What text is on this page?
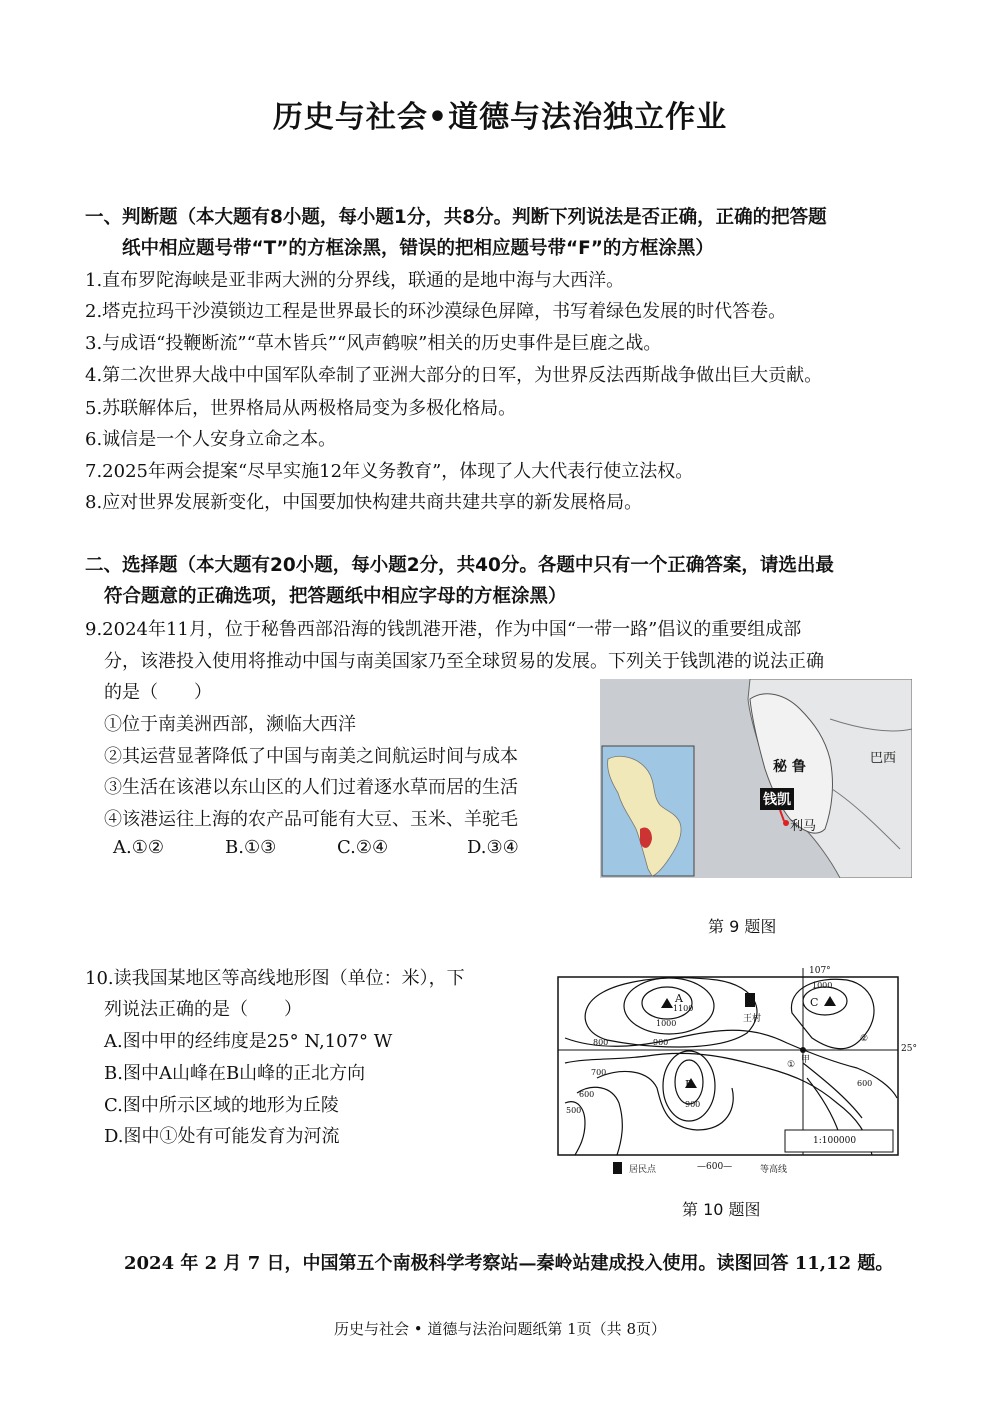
历史与社会•道德与法治独立作业
一、判断题（本大题有8小题，每小题1分，共8分。判断下列说法是否正确，正确的把答题
纸中相应题号带“T”的方框涂黑，错误的把相应题号带“F”的方框涂黑）
1.直布罗陀海峡是亚非两大洲的分界线，联通的是地中海与大西洋。
2.塔克拉玛干沙漠锁边工程是世界最长的环沙漠绿色屏障，书写着绿色发展的时代答卷。
3.与成语“投鞭断流”“草木皆兵”“风声鹤唳”相关的历史事件是巨鹿之战。
4.第二次世界大战中中国军队牵制了亚洲大部分的日军，为世界反法西斯战争做出巨大贡献。
5.苏联解体后，世界格局从两极格局变为多极化格局。
6.诚信是一个人安身立命之本。
7.2025年两会提案“尽早实施12年义务教育”，体现了人大代表行使立法权。
8.应对世界发展新变化，中国要加快构建共商共建共享的新发展格局。
二、选择题（本大题有20小题，每小题2分，共40分。各题中只有一个正确答案，请选出最
符合题意的正确选项，把答题纸中相应字母的方框涂黑）
9.2024年11月，位于秘鲁西部沿海的钱凯港开港，作为中国“一带一路”倡议的重要组成部
分，该港投入使用将推动中国与南美国家乃至全球贸易的发展。下列关于钱凯港的说法正确
的是（　　）
①位于南美洲西部，濒临大西洋
②其运营显著降低了中国与南美之间航运时间与成本
③生活在该港以东山区的人们过着逐水草而居的生活
④该港运往上海的农产品可能有大豆、玉米、羊驼毛
A.①②	B.①③	C.②④	D.③④
秘 鲁
巴西
钱凯
利马
第 9 题图
10.读我国某地区等高线地形图（单位：米），下
列说法正确的是（　　）
A.图中甲的经纬度是25° N,107° W
B.图中A山峰在B山峰的正北方向
C.图中所示区域的地形为丘陵
D.图中①处有可能发育为河流
107°
25°
A
B
C
王村
甲
①
②
1100
1000
1000
800	900
900
700
600
600
500
1:100000
居民点	—600—	等高线
第 10 题图
2024 年 2 月 7 日，中国第五个南极科学考察站—秦岭站建成投入使用。读图回答 11,12 题。
历史与社会 • 道德与法治问题纸第 1页（共 8页）
